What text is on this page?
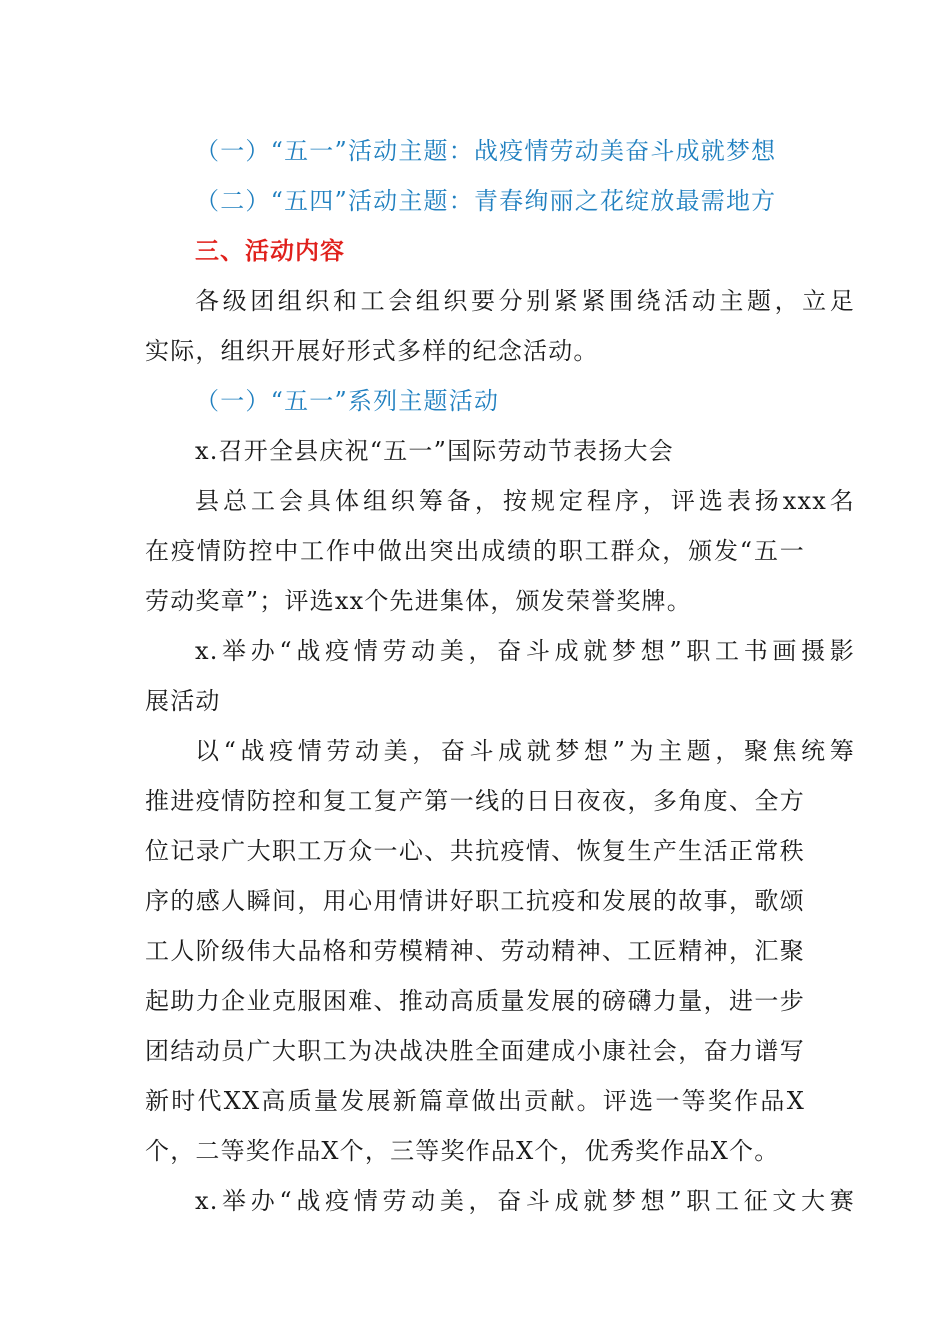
（一）“五一”活动主题：战疫情劳动美奋斗成就梦想
（二）“五四”活动主题：青春绚丽之花绽放最需地方
三、活动内容
各级团组织和工会组织要分别紧紧围绕活动主题，立足
实际，组织开展好形式多样的纪念活动。
（一）“五一”系列主题活动
x.召开全县庆祝“五一”国际劳动节表扬大会
县总工会具体组织筹备，按规定程序，评选表扬xxx名
在疫情防控中工作中做出突出成绩的职工群众，颁发“五一
劳动奖章”；评选xx个先进集体，颁发荣誉奖牌。
x.举办“战疫情劳动美，奋斗成就梦想”职工书画摄影
展活动
以“战疫情劳动美，奋斗成就梦想”为主题，聚焦统筹
推进疫情防控和复工复产第一线的日日夜夜，多角度、全方
位记录广大职工万众一心、共抗疫情、恢复生产生活正常秩
序的感人瞬间，用心用情讲好职工抗疫和发展的故事，歌颂
工人阶级伟大品格和劳模精神、劳动精神、工匠精神，汇聚
起助力企业克服困难、推动高质量发展的磅礴力量，进一步
团结动员广大职工为决战决胜全面建成小康社会，奋力谱写
新时代XX高质量发展新篇章做出贡献。评选一等奖作品X
个，二等奖作品X个，三等奖作品X个，优秀奖作品X个。
x.举办“战疫情劳动美，奋斗成就梦想”职工征文大赛
